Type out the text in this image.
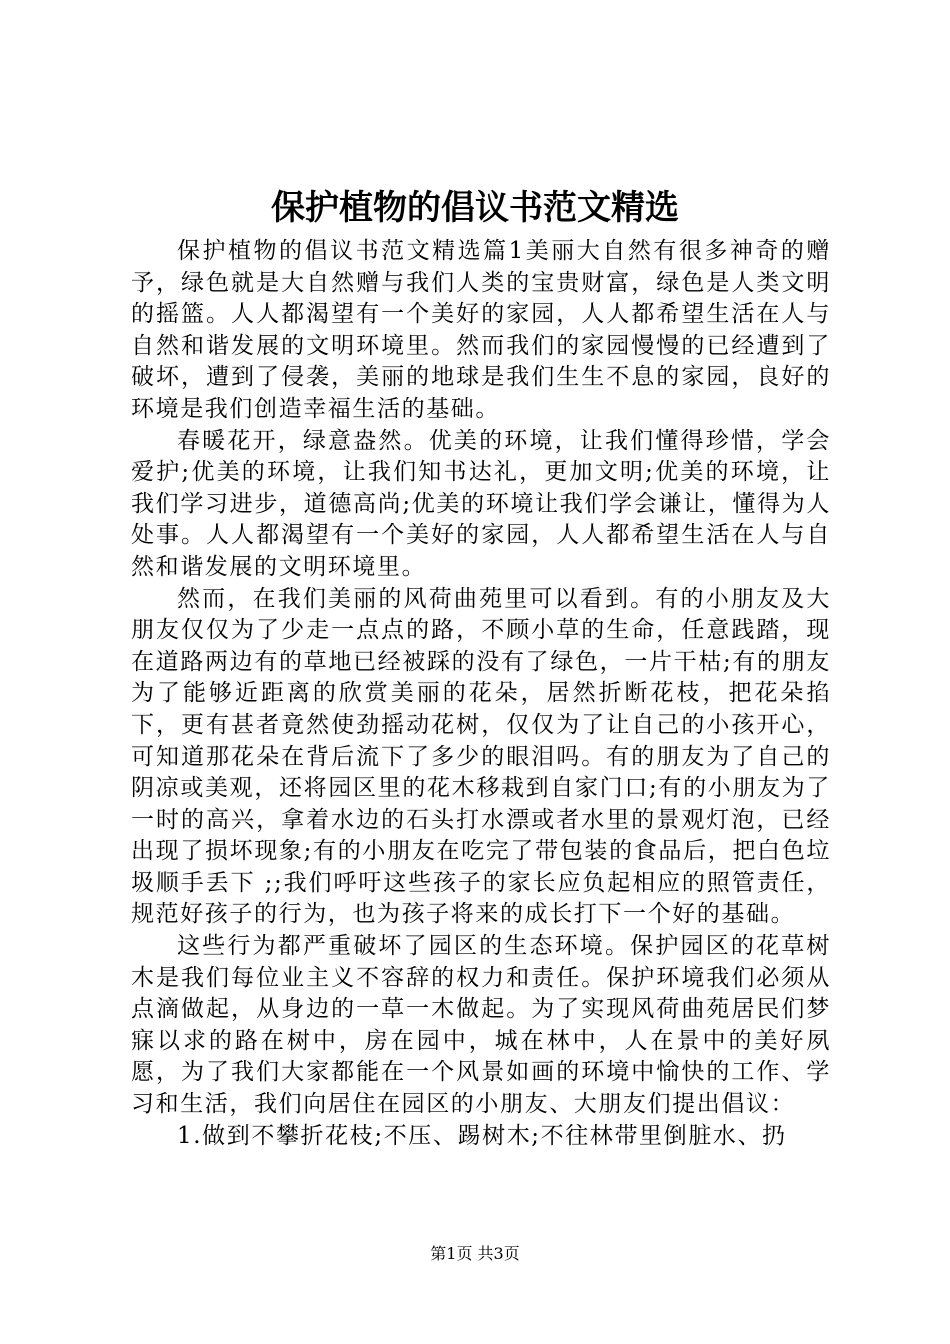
保护植物的倡议书范文精选

保护植物的倡议书范文精选篇1美丽大自然有很多神奇的赠予，绿色就是大自然赠与我们人类的宝贵财富，绿色是人类文明的摇篮。人人都渴望有一个美好的家园，人人都希望生活在人与自然和谐发展的文明环境里。然而我们的家园慢慢的已经遭到了破坏，遭到了侵袭，美丽的地球是我们生生不息的家园，良好的环境是我们创造幸福生活的基础。

春暖花开，绿意盎然。优美的环境，让我们懂得珍惜，学会爱护;优美的环境，让我们知书达礼，更加文明;优美的环境，让我们学习进步，道德高尚;优美的环境让我们学会谦让，懂得为人处事。人人都渴望有一个美好的家园，人人都希望生活在人与自然和谐发展的文明环境里。

然而，在我们美丽的风荷曲苑里可以看到。有的小朋友及大朋友仅仅为了少走一点点的路，不顾小草的生命，任意践踏，现在道路两边有的草地已经被踩的没有了绿色，一片干枯;有的朋友为了能够近距离的欣赏美丽的花朵，居然折断花枝，把花朵掐下，更有甚者竟然使劲摇动花树，仅仅为了让自己的小孩开心，可知道那花朵在背后流下了多少的眼泪吗。有的朋友为了自己的阴凉或美观，还将园区里的花木移栽到自家门口;有的小朋友为了一时的高兴，拿着水边的石头打水漂或者水里的景观灯泡，已经出现了损坏现象;有的小朋友在吃完了带包装的食品后，把白色垃圾顺手丢下 ;;我们呼吁这些孩子的家长应负起相应的照管责任，规范好孩子的行为，也为孩子将来的成长打下一个好的基础。

这些行为都严重破坏了园区的生态环境。保护园区的花草树木是我们每位业主义不容辞的权力和责任。保护环境我们必须从点滴做起，从身边的一草一木做起。为了实现风荷曲苑居民们梦寐以求的路在树中，房在园中，城在林中，人在景中的美好夙愿，为了我们大家都能在一个风景如画的环境中愉快的工作、学习和生活，我们向居住在园区的小朋友、大朋友们提出倡议：

1.做到不攀折花枝;不压、踢树木;不往林带里倒脏水、扔

第1页 共3页
